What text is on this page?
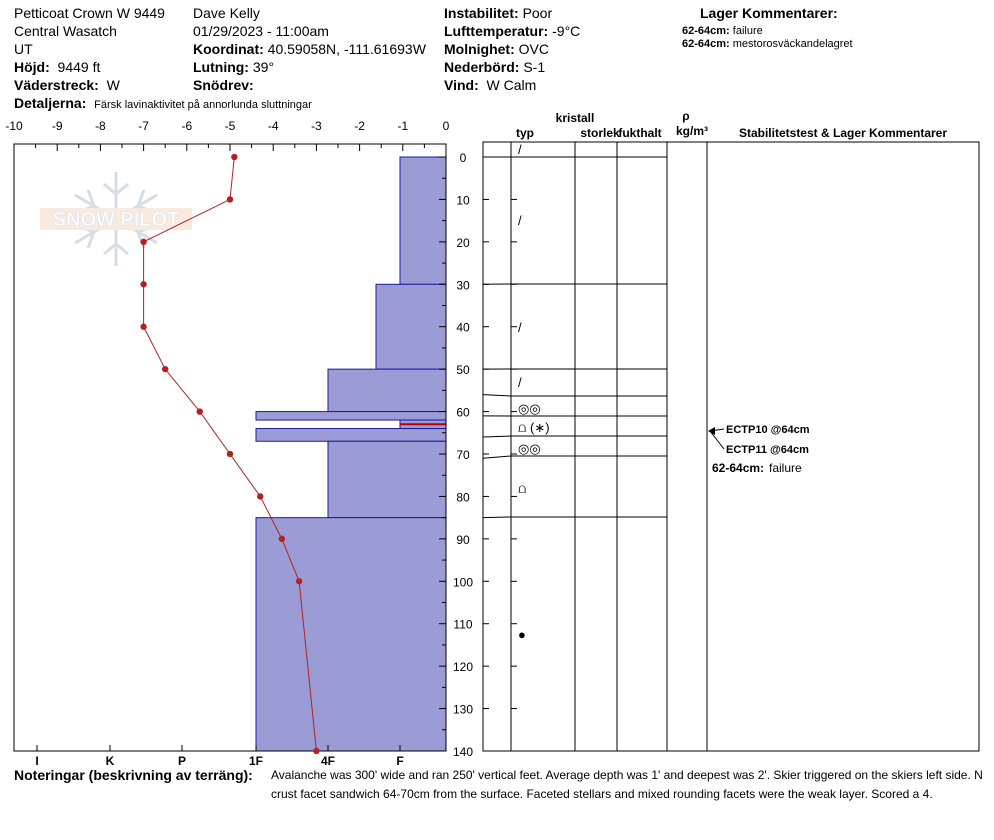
Petticoat Crown W 9449
Central Wasatch
UT
Höjd: 9449 ft
Väderstreck: W
Detaljerna: Färsk lavinaktivitet på annorlunda sluttningar
Dave Kelly
01/29/2023 - 11:00am
Koordinat: 40.59058N, -111.61693W
Lutning: 39°
Snödrev:
Instabilitet: Poor
Lufttemperatur: -9°C
Molnighet: OVC
Nederbörd: S-1
Vind: W Calm
Lager Kommentarer:
62-64cm: failure
62-64cm: mestorosväckandelagret
SNOW PILOT
-10 -9	-8	-7	-6	-5	-4	-3	-2	-1	0
0
10
20
30
40
50
60
70
80
90
100
110
120
130
140
I	K	P	1F	4F	F
kristall
typ	storlek
fukthalt
ρ
kg/m³	Stabilitetstest & Lager Kommentarer
/
/
/
/
◎◎
⩍ (∗)
◎◎
⩍
●
ECTP10 @64cm
ECTP11 @64cm
62-64cm: failure
Noteringar (beskrivning av terräng): Avalanche was 300' wide and ran 250' vertical feet. Average depth was 1' and deepest was 2'. Skier triggered on the skiers left side. N
crust facet sandwich 64-70cm from the surface. Faceted stellars and mixed rounding facets were the weak layer. Scored a 4.
